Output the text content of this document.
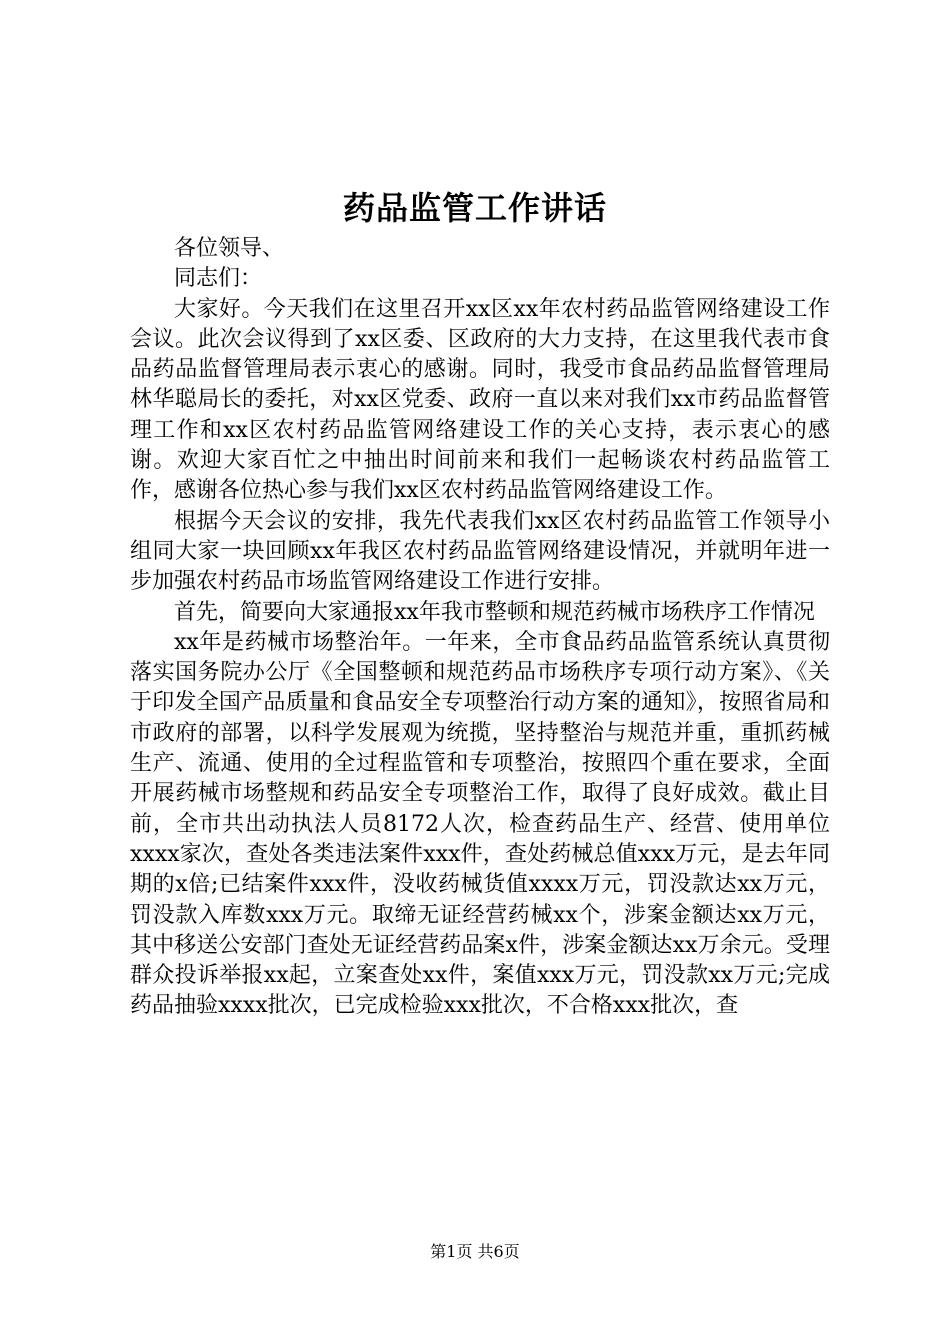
药品监管工作讲话

各位领导、

同志们：

大家好。今天我们在这里召开xx区xx年农村药品监管网络建设工作会议。此次会议得到了xx区委、区政府的大力支持，在这里我代表市食品药品监督管理局表示衷心的感谢。同时，我受市食品药品监督管理局林华聪局长的委托，对xx区党委、政府一直以来对我们xx市药品监督管理工作和xx区农村药品监管网络建设工作的关心支持，表示衷心的感谢。欢迎大家百忙之中抽出时间前来和我们一起畅谈农村药品监管工作，感谢各位热心参与我们xx区农村药品监管网络建设工作。

根据今天会议的安排，我先代表我们xx区农村药品监管工作领导小组同大家一块回顾xx年我区农村药品监管网络建设情况，并就明年进一步加强农村药品市场监管网络建设工作进行安排。

首先，简要向大家通报xx年我市整顿和规范药械市场秩序工作情况

xx年是药械市场整治年。一年来，全市食品药品监管系统认真贯彻落实国务院办公厅《全国整顿和规范药品市场秩序专项行动方案》、《关于印发全国产品质量和食品安全专项整治行动方案的通知》，按照省局和市政府的部署，以科学发展观为统揽，坚持整治与规范并重，重抓药械生产、流通、使用的全过程监管和专项整治，按照四个重在要求，全面开展药械市场整规和药品安全专项整治工作，取得了良好成效。截止目前，全市共出动执法人员8172人次，检查药品生产、经营、使用单位xxxx家次，查处各类违法案件xxx件，查处药械总值xxx万元，是去年同期的x倍;已结案件xxx件，没收药械货值xxxx万元，罚没款达xx万元，罚没款入库数xxx万元。取缔无证经营药械xx个，涉案金额达xx万元，其中移送公安部门查处无证经营药品案x件，涉案金额达xx万余元。受理群众投诉举报xx起，立案查处xx件，案值xxx万元，罚没款xx万元;完成药品抽验xxxx批次，已完成检验xxx批次，不合格xxx批次，查

第1页 共6页
